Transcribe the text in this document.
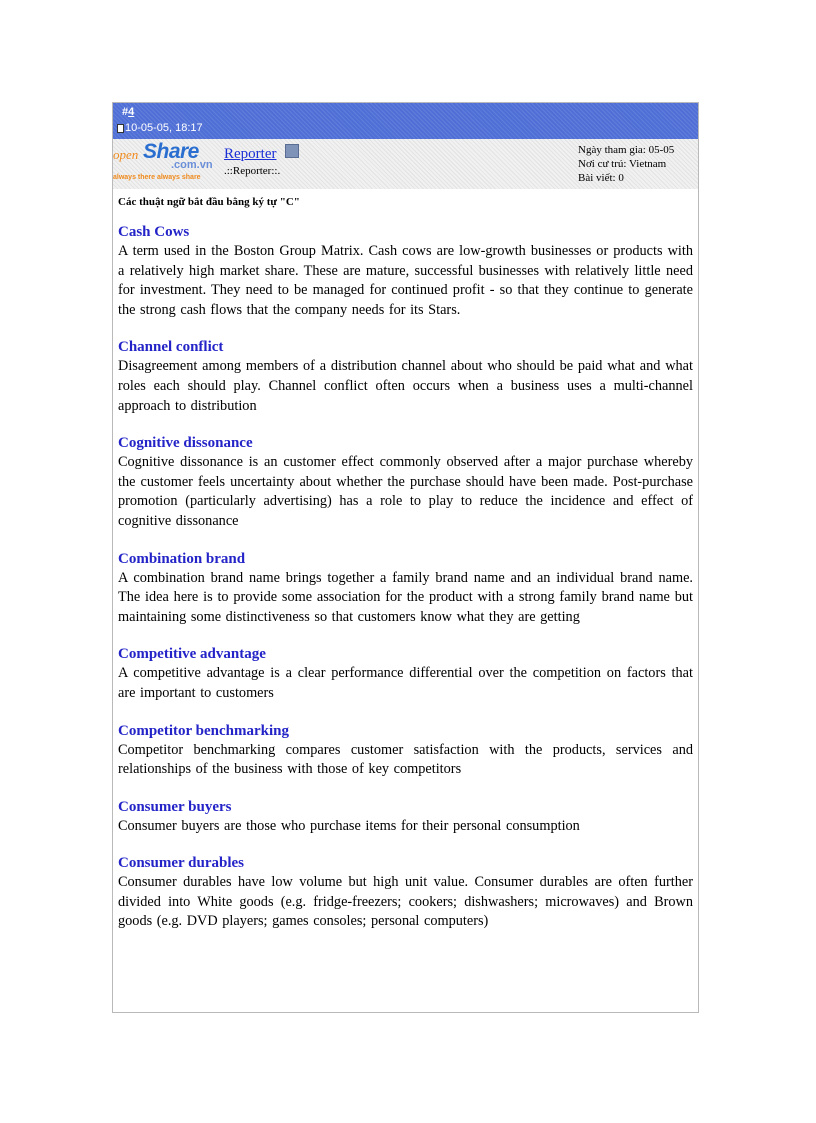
#4
10-05-05, 18:17
open Share
.com.vn
always there always share
Reporter
.::Reporter::.
Ngày tham gia: 05-05
Nơi cư trú: Vietnam
Bài viết: 0
Các thuật ngữ bắt đầu bằng ký tự "C"
Cash Cows

A term used in the Boston Group Matrix. Cash cows are low-growth businesses or products with a relatively high market share. These are mature, successful businesses with relatively little need for investment. They need to be managed for continued profit - so that they continue to generate the strong cash flows that the company needs for its Stars.

Channel conflict

Disagreement among members of a distribution channel about who should be paid what and what roles each should play. Channel conflict often occurs when a business uses a multi-channel approach to distribution

Cognitive dissonance

Cognitive dissonance is an customer effect commonly observed after a major purchase whereby the customer feels uncertainty about whether the purchase should have been made. Post-purchase promotion (particularly advertising) has a role to play to reduce the incidence and effect of cognitive dissonance

Combination brand

A combination brand name brings together a family brand name and an individual brand name. The idea here is to provide some association for the product with a strong family brand name but maintaining some distinctiveness so that customers know what they are getting

Competitive advantage

A competitive advantage is a clear performance differential over the competition on factors that are important to customers

Competitor benchmarking

Competitor benchmarking compares customer satisfaction with the products, services and relationships of the business with those of key competitors

Consumer buyers

Consumer buyers are those who purchase items for their personal consumption

Consumer durables

Consumer durables have low volume but high unit value. Consumer durables are often further divided into White goods (e.g. fridge-freezers; cookers; dishwashers; microwaves) and Brown goods (e.g. DVD players; games consoles; personal computers)
